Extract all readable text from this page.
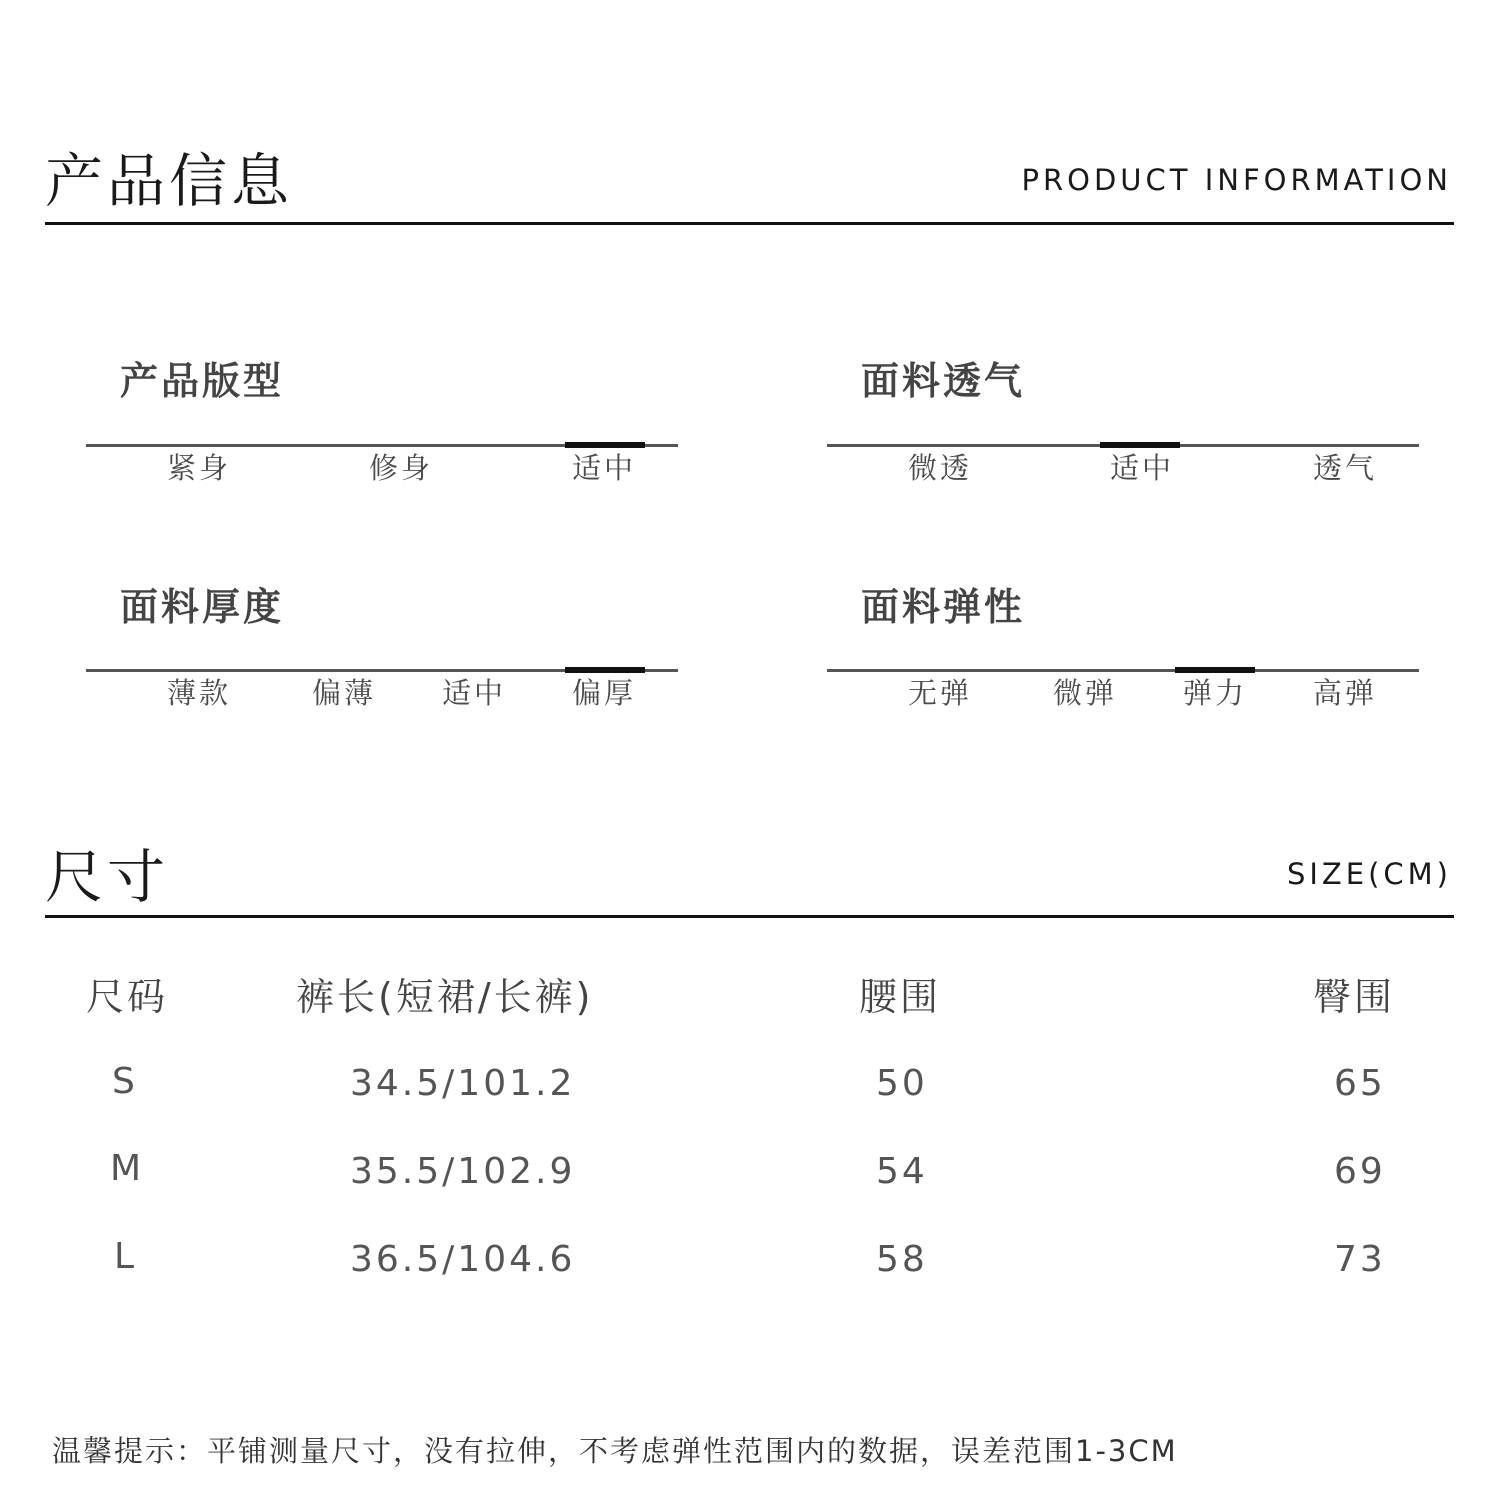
产品信息	PRODUCT INFORMATION
产品版型
紧身	修身	适中
面料透气
微透	适中	透气
面料厚度
薄款	偏薄 适中 偏厚
面料弹性
无弹	微弹 弹力 高弹
尺寸	SIZE(CM)
尺码	裤长(短裙/长裤)	腰围	臀围
S	34.5/101.2	50	65
M	35.5/102.9	54	69
L	36.5/104.6	58	73
温馨提示：平铺测量尺寸，没有拉伸，不考虑弹性范围内的数据，误差范围1-3CM
